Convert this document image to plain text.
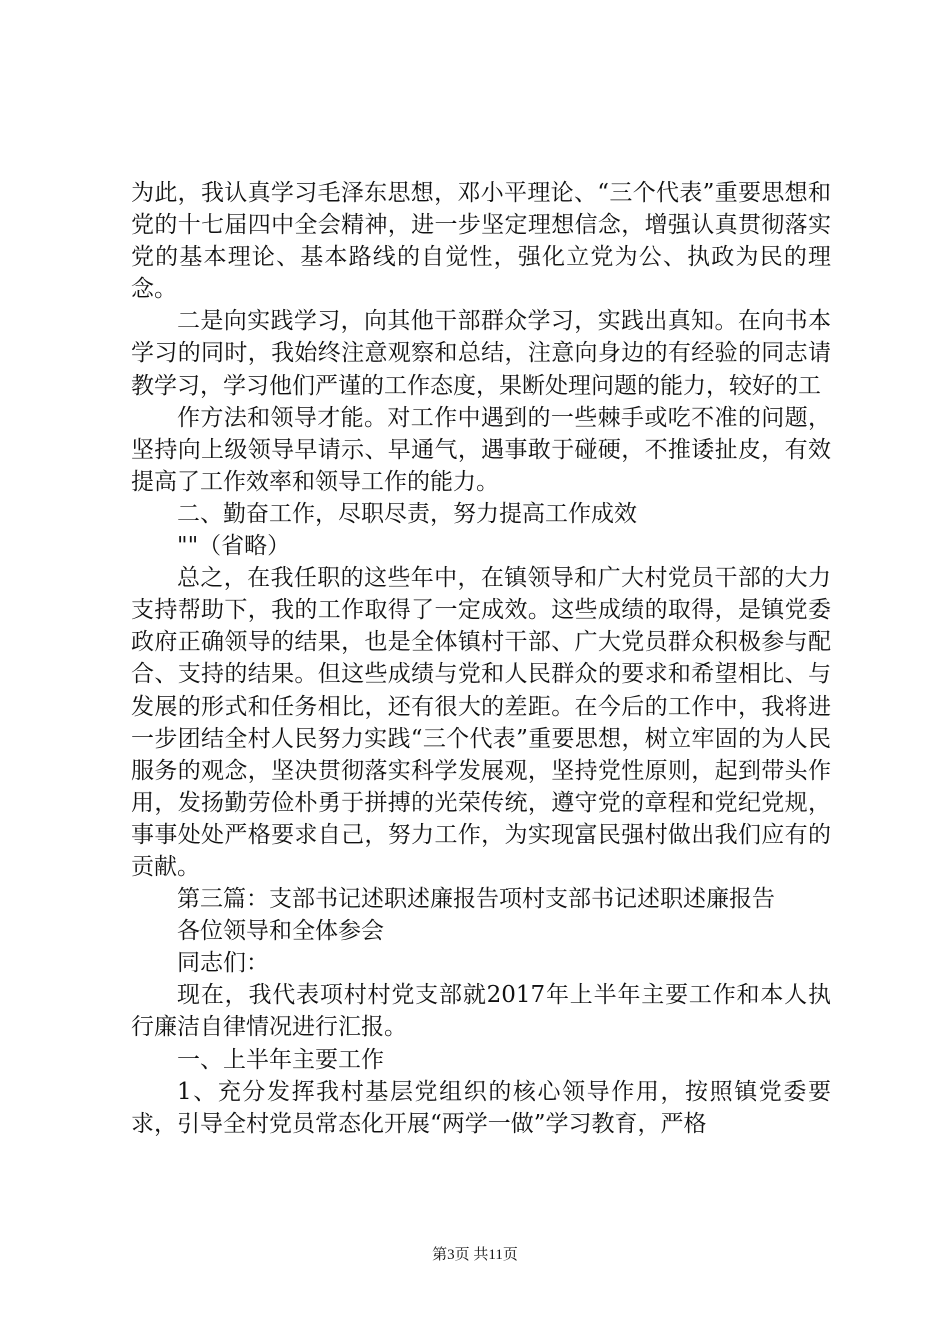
为此，我认真学习毛泽东思想，邓小平理论、“三个代表”重要思想和党的十七届四中全会精神，进一步坚定理想信念，增强认真贯彻落实党的基本理论、基本路线的自觉性，强化立党为公、执政为民的理念。

二是向实践学习，向其他干部群众学习，实践出真知。在向书本学习的同时，我始终注意观察和总结，注意向身边的有经验的同志请教学习，学习他们严谨的工作态度，果断处理问题的能力，较好的工

作方法和领导才能。对工作中遇到的一些棘手或吃不准的问题，坚持向上级领导早请示、早通气，遇事敢于碰硬，不推诿扯皮，有效提高了工作效率和领导工作的能力。

二、勤奋工作，尽职尽责，努力提高工作成效

""（省略）

总之，在我任职的这些年中，在镇领导和广大村党员干部的大力支持帮助下，我的工作取得了一定成效。这些成绩的取得，是镇党委政府正确领导的结果，也是全体镇村干部、广大党员群众积极参与配合、支持的结果。但这些成绩与党和人民群众的要求和希望相比、与发展的形式和任务相比，还有很大的差距。在今后的工作中，我将进一步团结全村人民努力实践“三个代表”重要思想，树立牢固的为人民服务的观念，坚决贯彻落实科学发展观，坚持党性原则，起到带头作用，发扬勤劳俭朴勇于拼搏的光荣传统，遵守党的章程和党纪党规，事事处处严格要求自己，努力工作，为实现富民强村做出我们应有的贡献。

第三篇：支部书记述职述廉报告项村支部书记述职述廉报告

各位领导和全体参会

同志们：

现在，我代表项村村党支部就2017年上半年主要工作和本人执行廉洁自律情况进行汇报。

一、上半年主要工作

1、充分发挥我村基层党组织的核心领导作用，按照镇党委要求，引导全村党员常态化开展“两学一做”学习教育，严格

第3页 共11页
